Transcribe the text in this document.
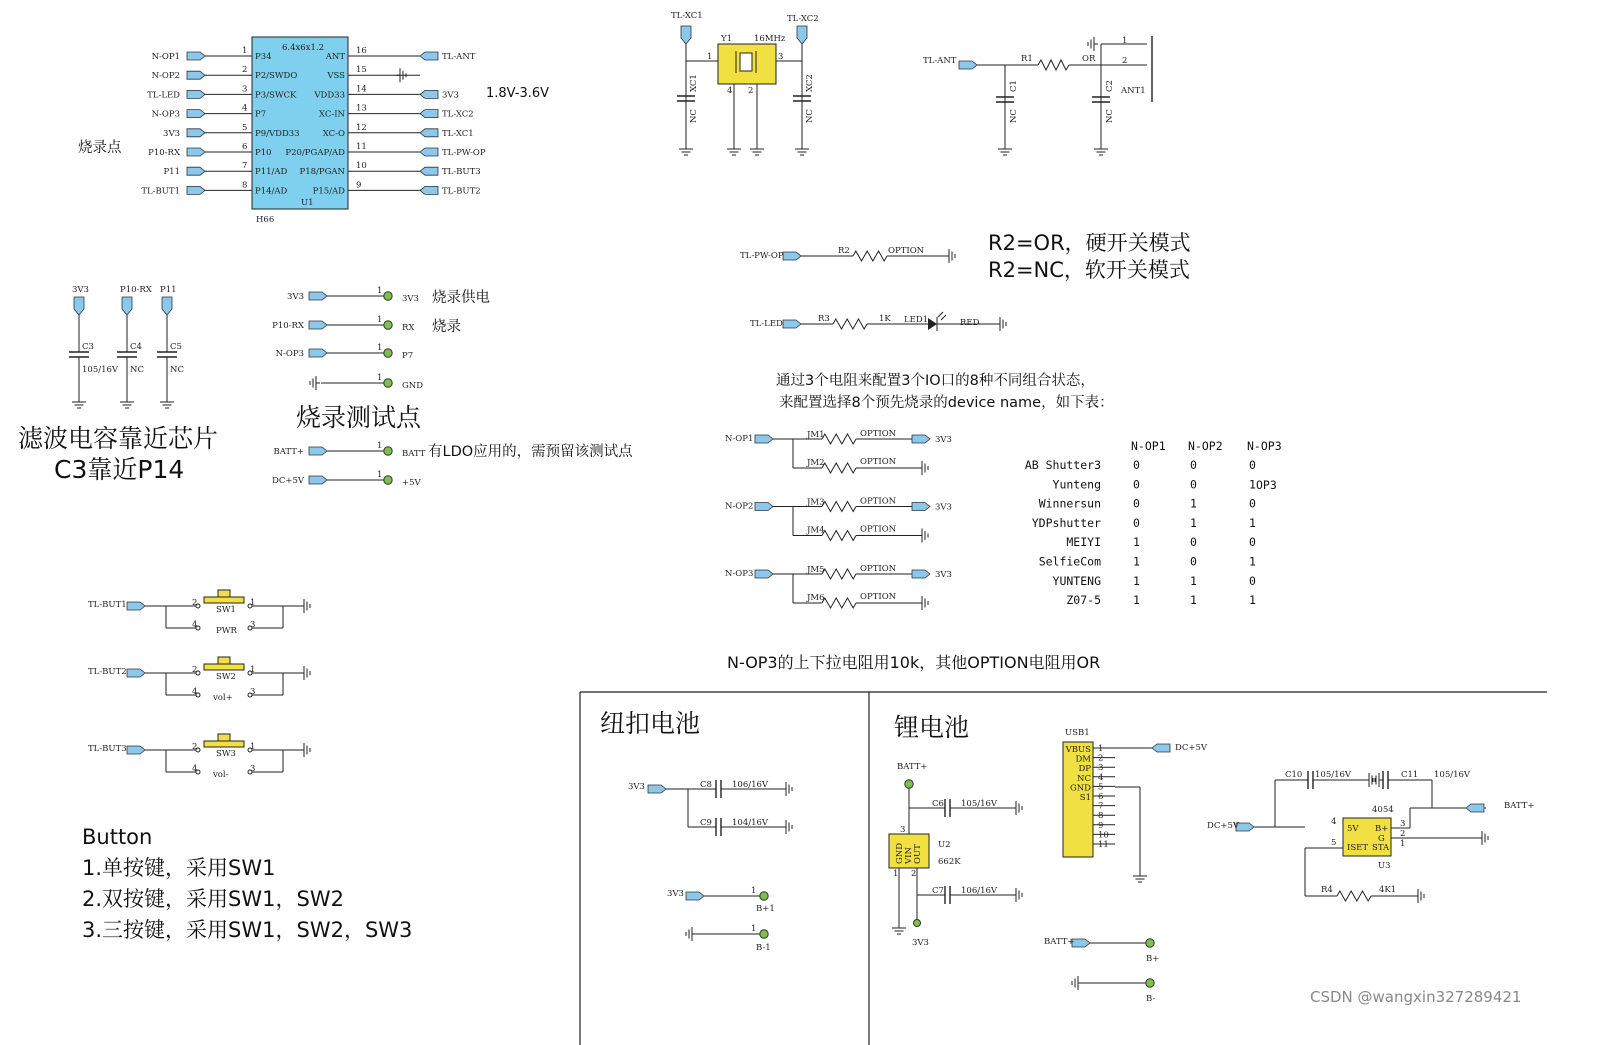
6.4x6x1.2
U1
H66
N-OP1
1
P34
N-OP2
2
P2/SWDO
TL-LED
3
P3/SWCK
N-OP3
4
P7
3V3
5
P9/VDD33
P10-RX
6
P10
P11
7
P11/AD
TL-BUT1
8
P14/AD
16
ANT	TL-ANT
15
VSS
14
VDD33	3V3
13
XC-IN	TL-XC2
12
XC-O	TL-XC1
11
P20/PGAP/AD	TL-PW-OP
10
P18/PGAN	TL-BUT3
9
P15/AD	TL-BUT2
1.8V-3.6V
烧录点
TL-XC1	TL-XC2
Y1	16MHz
1	3
4 2
XC1
NC
XC2
NC
TL-ANT	R1	OR
C1
NC
C2
NC
1
2
ANT1
3V3
C3
105/16V
P10-RX
C4
NC
P11
C5
NC
滤波电容靠近芯片
C3靠近P14
3V3
1
3V3 烧录供电
P10-RX
1
RX 烧录
N-OP3
1
P7
1
GND
BATT+
1
BATT 有LDO应用的，需预留该测试点
DC+5V
1
+5V
烧录测试点
TL-PW-OP	R2	OPTION	R2=OR，硬开关模式
R2=NC，软开关模式
TL-LED	R3	1K LED1	RED
通过3个电阻来配置3个IO口的8种不同组合状态，
来配置选择8个预先烧录的device name，如下表：
N-OP1	3V3
JM1	OPTION
JM2	OPTION
N-OP2	3V3
JM3	OPTION
JM4	OPTION
N-OP3	3V3
JM5	OPTION
JM6	OPTION
N-OP1 N-OP2 N-OP3
AB Shutter3	0	0	0
Yunteng	0	0	1
Winnersun	0	1	0
YDPshutter	0	1	1
MEIYI	1	0	0
SelfieCom	1	0	1
YUNTENG	1	1	0
Z07-5	1	1	1
OP3
N-OP3的上下拉电阻用10k，其他OPTION电阻用OR
TL-BUT1	SW1
PWR
2	1
4	3
TL-BUT2	SW2
vol+
2	1
4	3
TL-BUT3	SW3
vol-
2	1
4	3
Button
1.单按键，采用SW1
2.双按键，采用SW1，SW2
3.三按键，采用SW1，SW2，SW3
纽扣电池	锂电池
3V3	C8 106/16V
C9 104/16V
3V3
B+1
1
B-1
1
BATT+
C6 105/16V
GND VIN OUT
3
2
1
U2
662K
C7 106/16V
3V3
USB1
1
VBUS
2
DM
3
DP
4
NC
5
GND
6
S1
7
8
9
10
11
DC+5V
DC+5V
C10 105/16V	C11 105/16V
4054
U3
5V
ISET
B+
G
STA
4
5
3
2
1
BATT+
R4	4K1
BATT+
B+
B-	CSDN @wangxin327289421
